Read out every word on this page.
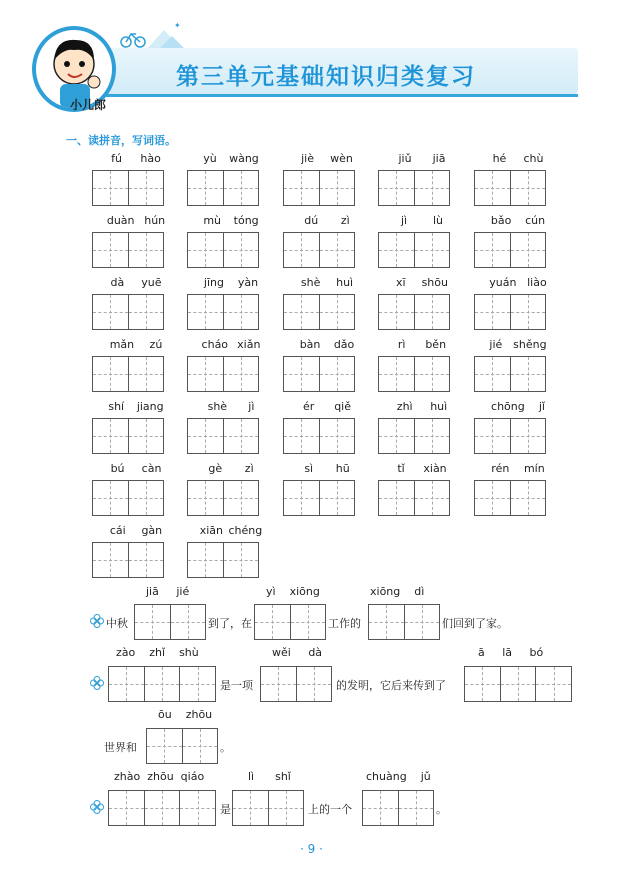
✦
小儿郎
第三单元基础知识归类复习
一、读拼音，写词语。
fú hào	yù wàng	jiè wèn	jiǔ jiā	hé chù
duàn hún	mù tóng	dú zì	jì lù	bǎo cún
dà yuē	jīng yàn	shè huì	xī shōu	yuán liào
mǎn zú	cháo xiǎn	bàn dǎo	rì běn	jié shěng
shí jiang	shè jì	ér qiě	zhì huì	chōng jǐ
bú càn	gè zì	sì hū	tǐ xiàn	rén mín
cái gàn	xiān chéng
jiā jié	yì xiōng	xiōng dì
中秋	到了，在	工作的	们回到了家。
zào zhǐ shù	wěi dà	ā lā bó
是一项	的发明，它后来传到了
ōu zhōu
世界和	。
zhào zhōu qiáo	lì shǐ	chuàng jǔ
是	上的一个	。
· 9 ·
